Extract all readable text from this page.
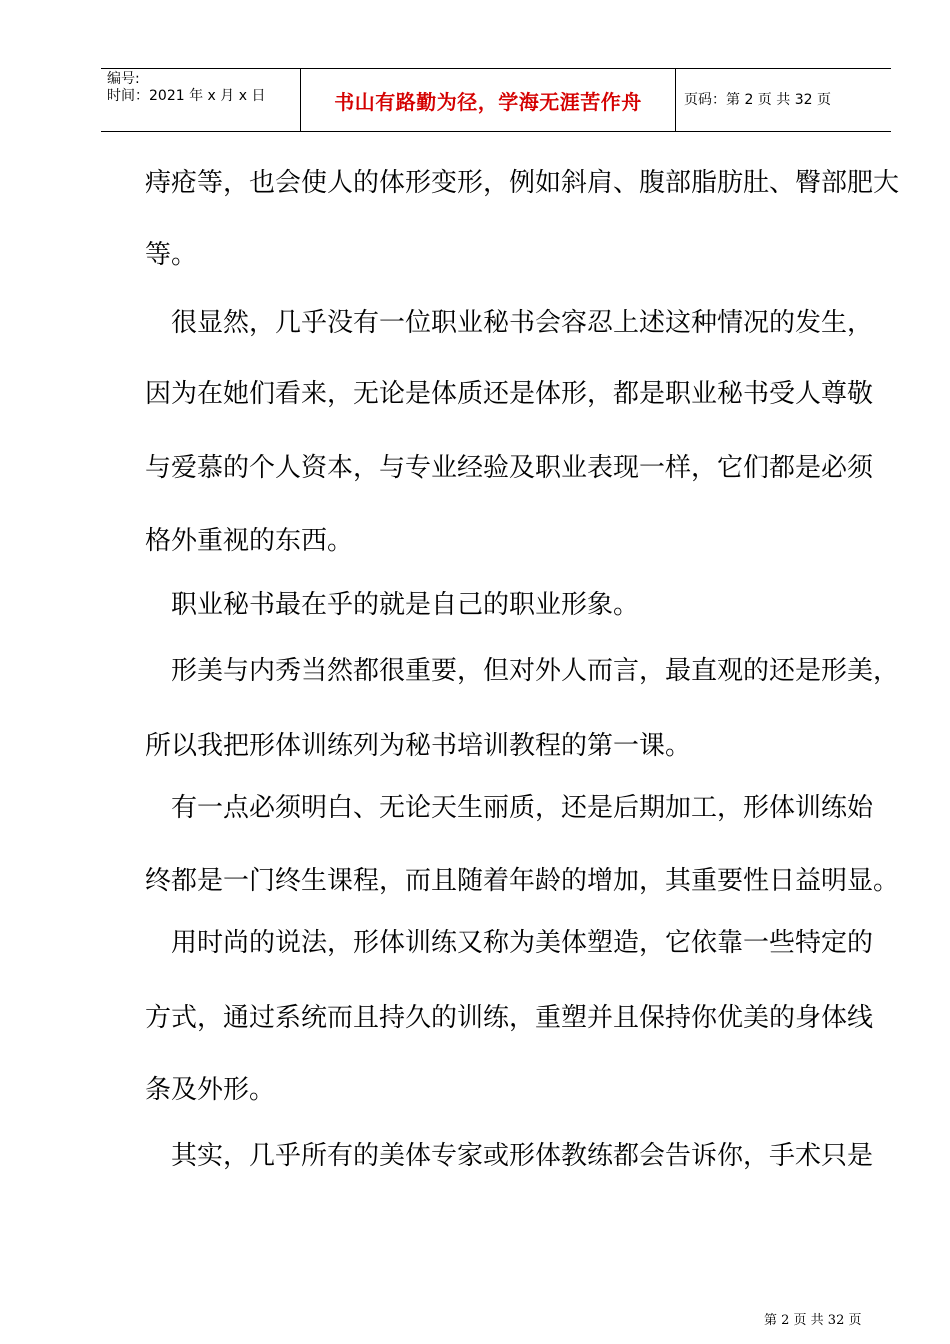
编号:
时间：2021 年 x 月 x 日	书山有路勤为径，学海无涯苦作舟	页码：第 2 页 共 32 页
痔疮等，也会使人的体形变形，例如斜肩、腹部脂肪肚、臀部肥大
等。
　很显然，几乎没有一位职业秘书会容忍上述这种情况的发生，
因为在她们看来，无论是体质还是体形，都是职业秘书受人尊敬
与爱慕的个人资本，与专业经验及职业表现一样，它们都是必须
格外重视的东西。
　职业秘书最在乎的就是自己的职业形象。
　形美与内秀当然都很重要，但对外人而言，最直观的还是形美，
所以我把形体训练列为秘书培训教程的第一课。
　有一点必须明白、无论天生丽质，还是后期加工，形体训练始
终都是一门终生课程，而且随着年龄的增加，其重要性日益明显。
　用时尚的说法，形体训练又称为美体塑造，它依靠一些特定的
方式，通过系统而且持久的训练，重塑并且保持你优美的身体线
条及外形。
　其实，几乎所有的美体专家或形体教练都会告诉你，手术只是
第 2 页 共 32 页
